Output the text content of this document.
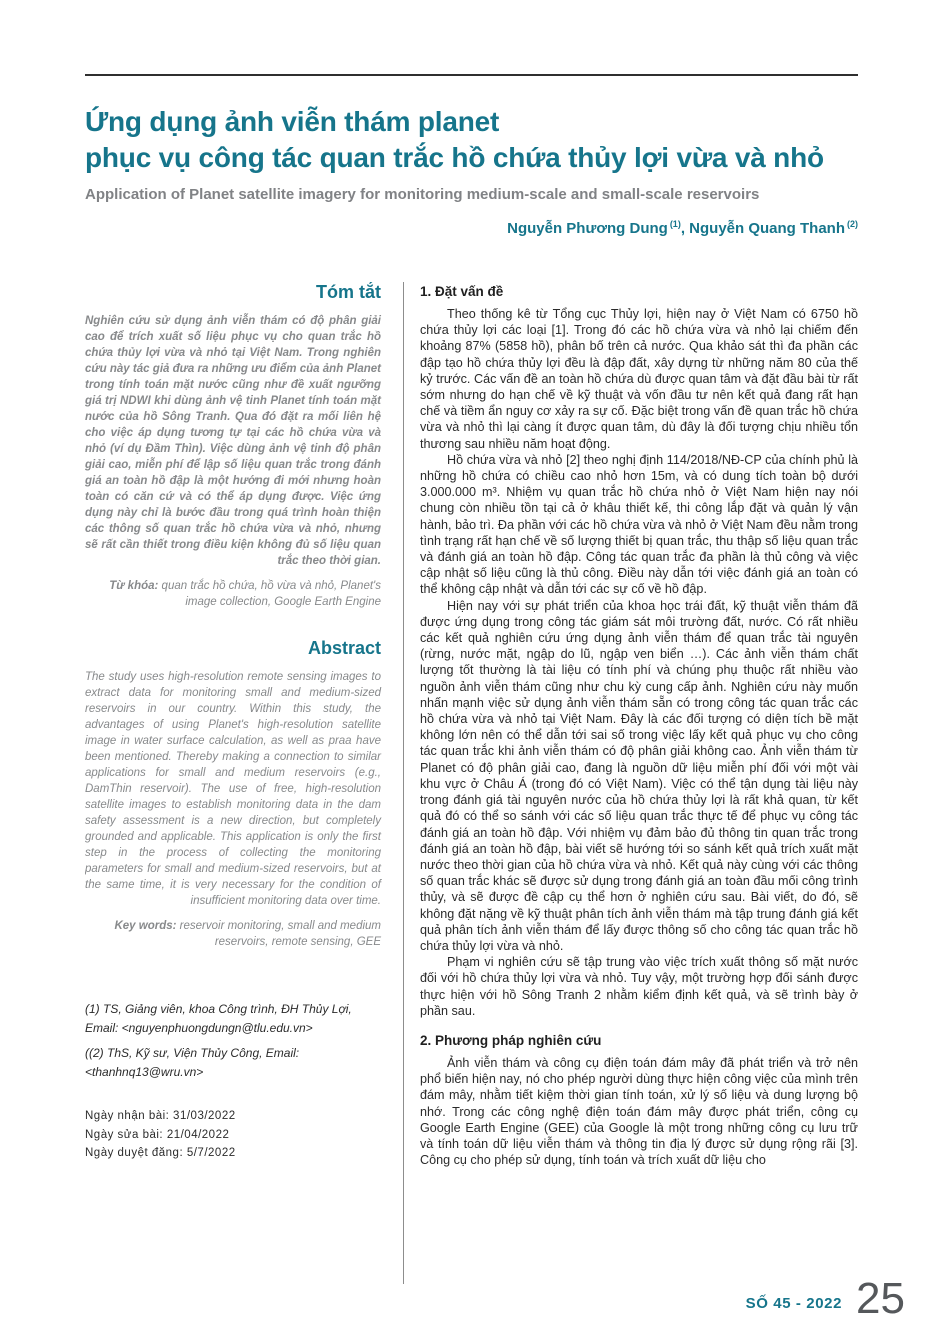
Ứng dụng ảnh viễn thám planet
phục vụ công tác quan trắc hồ chứa thủy lợi vừa và nhỏ
Application of Planet satellite imagery for monitoring medium-scale and small-scale reservoirs
Nguyễn Phương Dung $^{(1)}$, Nguyễn Quang Thanh $^{(2)}$
Tóm tắt

Nghiên cứu sử dụng ảnh viễn thám có độ phân giải cao để trích xuất số liệu phục vụ cho quan trắc hồ chứa thủy lợi vừa và nhỏ tại Việt Nam. Trong nghiên cứu này tác giả đưa ra những ưu điểm của ảnh Planet trong tính toán mặt nước cũng như đề xuất ngưỡng giá trị NDWI khi dùng ảnh vệ tinh Planet tính toán mặt nước của hồ Sông Tranh. Qua đó đặt ra mối liên hệ cho việc áp dụng tương tự tại các hồ chứa vừa và nhỏ (ví dụ Đầm Thìn). Việc dùng ảnh vệ tinh độ phân giải cao, miễn phí để lập số liệu quan trắc trong đánh giá an toàn hồ đập là một hướng đi mới nhưng hoàn toàn có căn cứ và có thể áp dụng được. Việc ứng dụng này chỉ là bước đầu trong quá trình hoàn thiện các thông số quan trắc hồ chứa vừa và nhỏ, nhưng sẽ rất cần thiết trong điều kiện không đủ số liệu quan trắc theo thời gian.

Từ khóa: quan trắc hồ chứa, hồ vừa và nhỏ, Planet's image collection, Google Earth Engine

Abstract

The study uses high-resolution remote sensing images to extract data for monitoring small and medium-sized reservoirs in our country. Within this study, the advantages of using Planet's high-resolution satellite image in water surface calculation, as well as praa have been mentioned. Thereby making a connection to similar applications for small and medium reservoirs (e.g., DamThin reservoir). The use of free, high-resolution satellite images to establish monitoring data in the dam safety assessment is a new direction, but completely grounded and applicable. This application is only the first step in the process of collecting the monitoring parameters for small and medium-sized reservoirs, but at the same time, it is very necessary for the condition of insufficient monitoring data over time.

Key words: reservoir monitoring, small and medium reservoirs, remote sensing, GEE

(1) TS, Giảng viên, khoa Công trình, ĐH Thủy Lợi, Email: <nguyenphuongdungn@tlu.edu.vn>

((2) ThS, Kỹ sư, Viện Thủy Công, Email: <thanhnq13@wru.vn>

Ngày nhận bài: 31/03/2022

Ngày sửa bài: 21/04/2022

Ngày duyệt đăng: 5/7/2022

1. Đặt vấn đề

Theo thống kê từ Tổng cục Thủy lợi, hiện nay ở Việt Nam có 6750 hồ chứa thủy lợi các loại [1]. Trong đó các hồ chứa vừa và nhỏ lại chiếm đến khoảng 87% (5858 hồ), phân bố trên cả nước. Qua khảo sát thì đa phần các đập tạo hồ chứa thủy lợi đều là đập đất, xây dựng từ những năm 80 của thế kỷ trước. Các vấn đề an toàn hồ chứa dù được quan tâm và đặt đầu bài từ rất sớm nhưng do hạn chế về kỹ thuật và vốn đầu tư nên kết quả đang rất hạn chế và tiềm ẩn nguy cơ xảy ra sự cố. Đặc biệt trong vấn đề quan trắc hồ chứa vừa và nhỏ thì lại càng ít được quan tâm, dù đây là đối tượng chịu nhiều tổn thương sau nhiều năm hoạt động.

Hồ chứa vừa và nhỏ [2] theo nghị định 114/2018/NĐ-CP của chính phủ là những hồ chứa có chiều cao nhỏ hơn 15m, và có dung tích toàn bộ dưới 3.000.000 m³. Nhiệm vụ quan trắc hồ chứa nhỏ ở Việt Nam hiện nay nói chung còn nhiều tồn tại cả ở khâu thiết kế, thi công lắp đặt và quản lý vận hành, bảo trì. Đa phần với các hồ chứa vừa và nhỏ ở Việt Nam đều nằm trong tình trạng rất hạn chế về số lượng thiết bị quan trắc, thu thập số liệu quan trắc và đánh giá an toàn hồ đập. Công tác quan trắc đa phần là thủ công và việc cập nhật số liệu cũng là thủ công. Điều này dẫn tới việc đánh giá an toàn có thể không cập nhật và dẫn tới các sự cố về hồ đập.

Hiện nay với sự phát triển của khoa học trái đất, kỹ thuật viễn thám đã được ứng dụng trong công tác giám sát môi trường đất, nước. Có rất nhiều các kết quả nghiên cứu ứng dụng ảnh viễn thám để quan trắc tài nguyên (rừng, nước mặt, ngập do lũ, ngập ven biển …). Các ảnh viễn thám chất lượng tốt thường là tài liệu có tính phí và chúng phụ thuộc rất nhiều vào nguồn ảnh viễn thám cũng như chu kỳ cung cấp ảnh. Nghiên cứu này muốn nhấn mạnh việc sử dụng ảnh viễn thám sẵn có trong công tác quan trắc các hồ chứa vừa và nhỏ tại Việt Nam. Đây là các đối tượng có diện tích bề mặt không lớn nên có thể dẫn tới sai số trong việc lấy kết quả phục vụ cho công tác quan trắc khi ảnh viễn thám có độ phân giải không cao. Ảnh viễn thám từ Planet có độ phân giải cao, đang là nguồn dữ liệu miễn phí đối với một vài khu vực ở Châu Á (trong đó có Việt Nam). Việc có thể tận dụng tài liệu này trong đánh giá tài nguyên nước của hồ chứa thủy lợi là rất khả quan, từ kết quả đó có thể so sánh với các số liệu quan trắc thực tế để phục vụ công tác đánh giá an toàn hồ đập. Với nhiệm vụ đảm bảo đủ thông tin quan trắc trong đánh giá an toàn hồ đập, bài viết sẽ hướng tới so sánh kết quả trích xuất mặt nước theo thời gian của hồ chứa vừa và nhỏ. Kết quả này cùng với các thông số quan trắc khác sẽ được sử dụng trong đánh giá an toàn đầu mối công trình thủy, và sẽ được đề cập cụ thể hơn ở nghiên cứu sau. Bài viết, do đó, sẽ không đặt nặng về kỹ thuật phân tích ảnh viễn thám mà tập trung đánh giá kết quả phân tích ảnh viễn thám để lấy được thông số cho công tác quan trắc hồ chứa thủy lợi vừa và nhỏ.

Phạm vi nghiên cứu sẽ tập trung vào việc trích xuất thông số mặt nước đối với hồ chứa thủy lợi vừa và nhỏ. Tuy vậy, một trường hợp đối sánh được thực hiện với hồ Sông Tranh 2 nhằm kiểm định kết quả, và sẽ trình bày ở phần sau.

2. Phương pháp nghiên cứu

Ảnh viễn thám và công cụ điện toán đám mây đã phát triển và trở nên phổ biến hiện nay, nó cho phép người dùng thực hiện công việc của mình trên đám mây, nhằm tiết kiệm thời gian tính toán, xử lý số liệu và dung lượng bộ nhớ. Trong các công nghệ điện toán đám mây được phát triển, công cụ Google Earth Engine (GEE) của Google là một trong những công cụ lưu trữ và tính toán dữ liệu viễn thám và thông tin địa lý được sử dụng rộng rãi [3]. Công cụ cho phép sử dụng, tính toán và trích xuất dữ liệu cho

SỐ 45 - 2022 25
